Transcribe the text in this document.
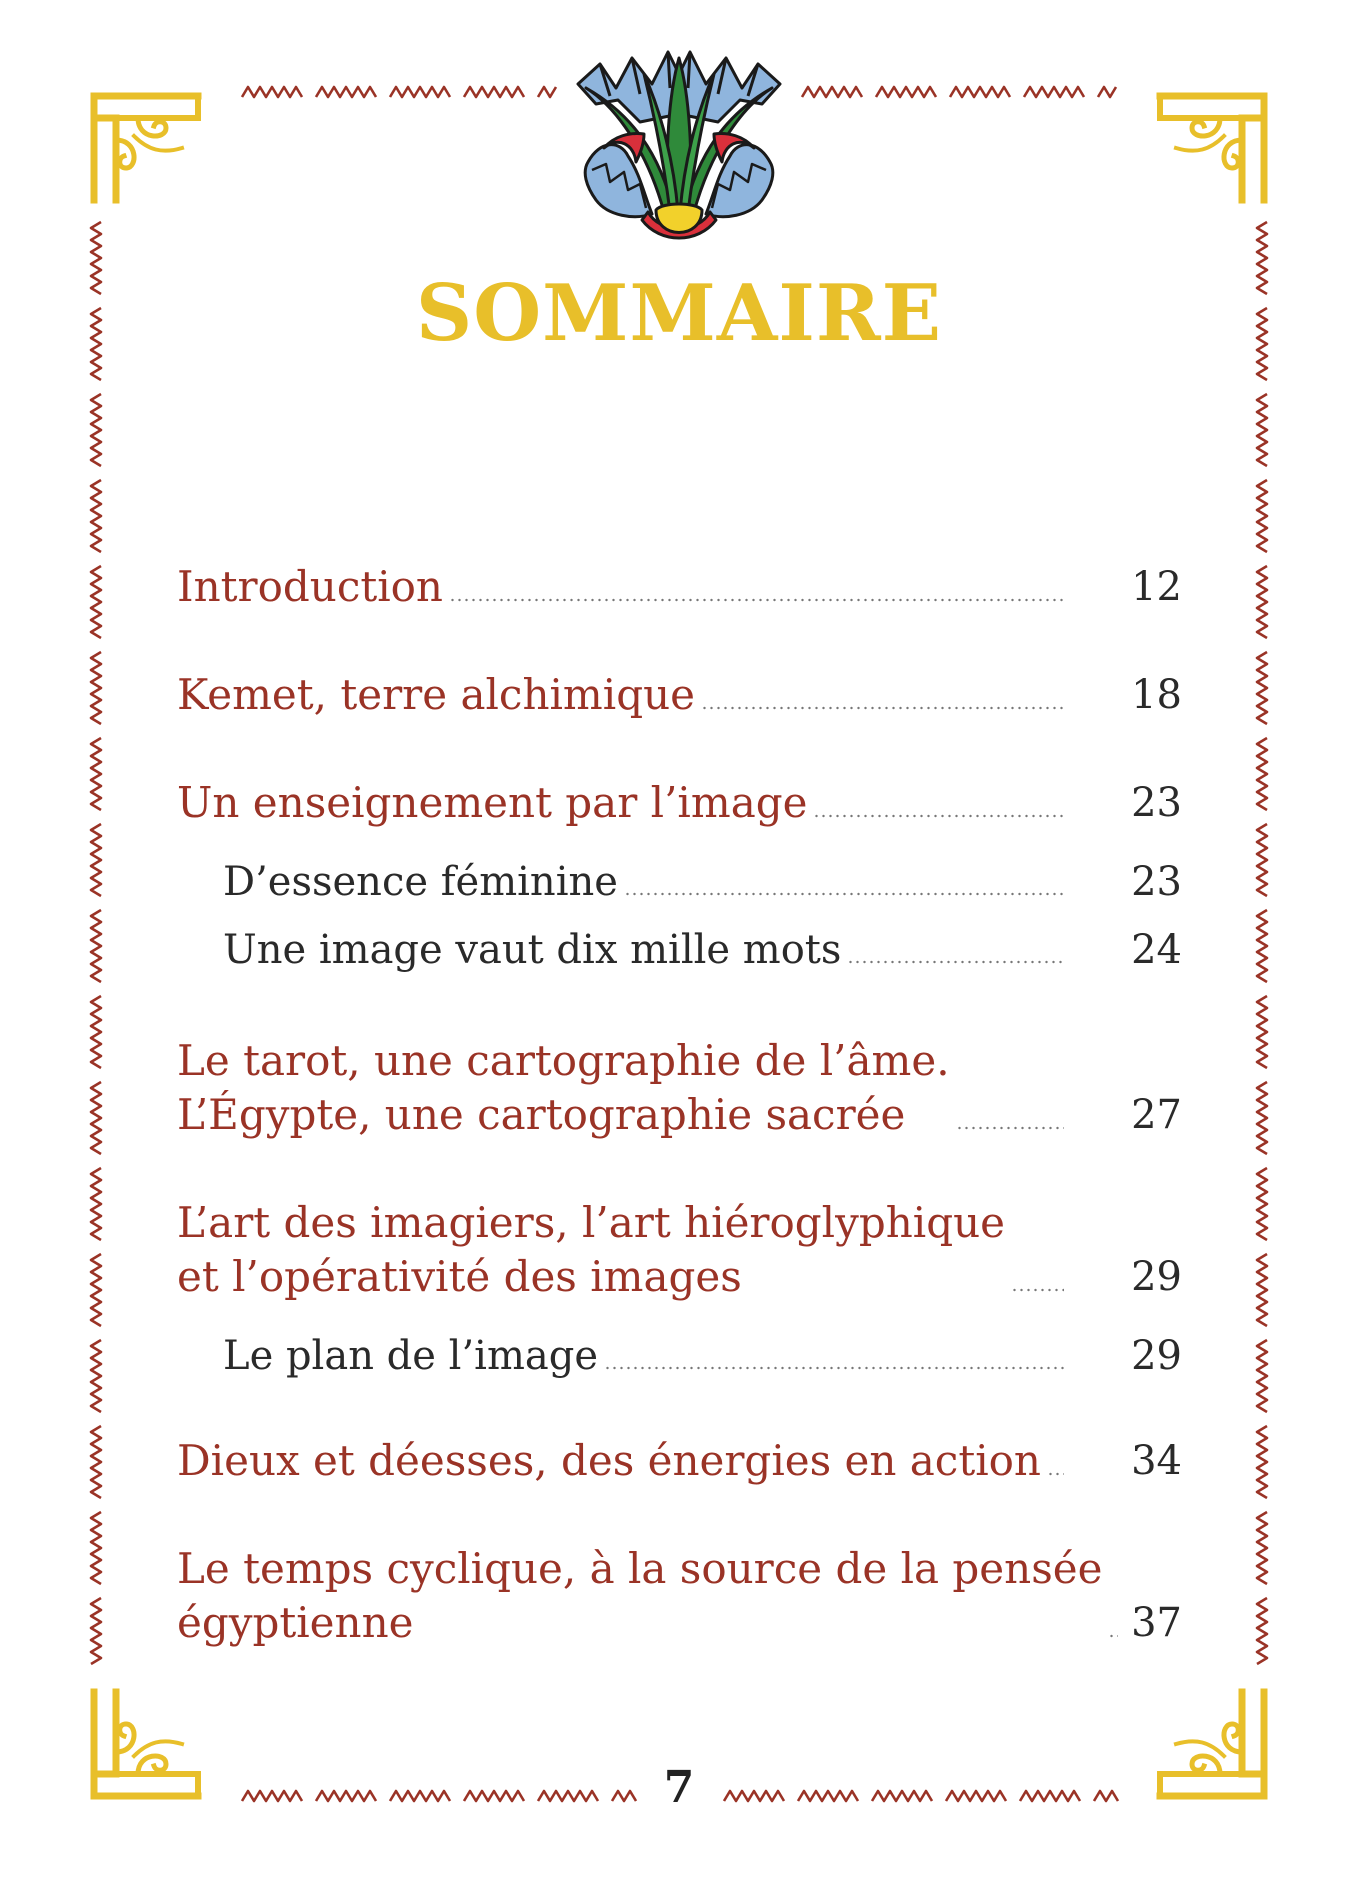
SOMMAIRE
Introduction	12
Kemet, terre alchimique	18
Un enseignement par l’image	23
D’essence féminine	23
Une image vaut dix mille mots	24
Le tarot, une cartographie de l’âme.
L’Égypte, une cartographie sacrée	27
L’art des imagiers, l’art hiéroglyphique
et l’opérativité des images	29
Le plan de l’image	29
Dieux et déesses, des énergies en action	34
Le temps cyclique, à la source de la pensée
égyptienne	37
7
